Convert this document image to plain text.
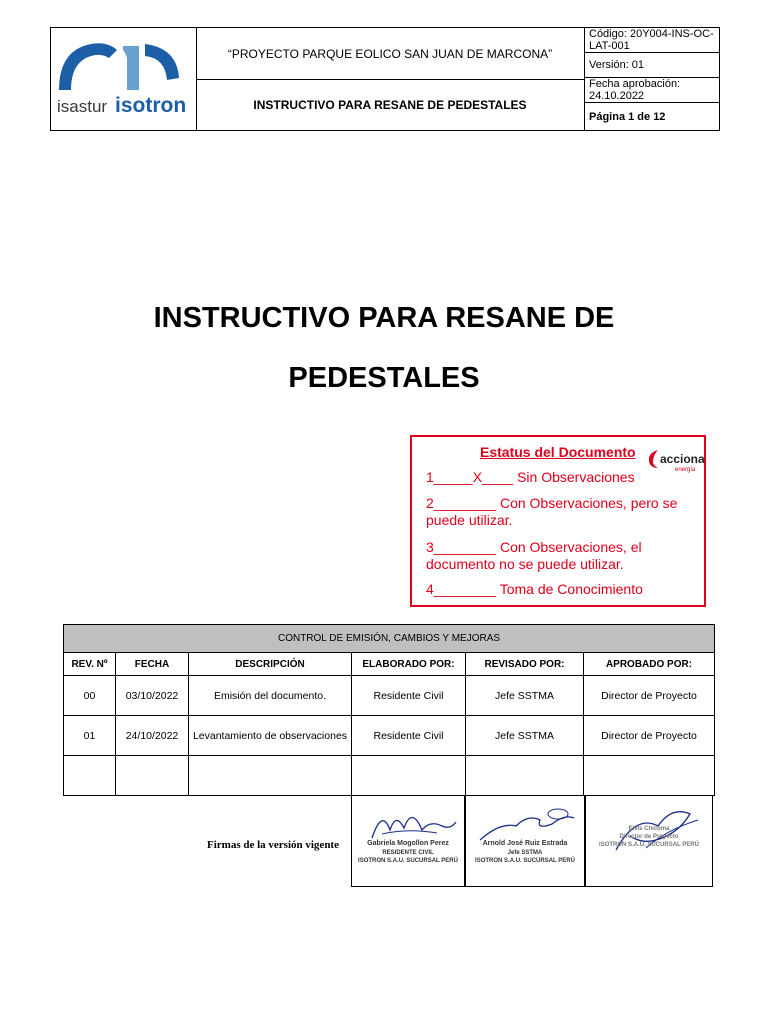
isastur isotron
“PROYECTO PARQUE EOLICO SAN JUAN DE MARCONA”
INSTRUCTIVO PARA RESANE DE PEDESTALES
Código: 20Y004-INS-OC-LAT-001
Versión: 01
Fecha aprobación: 24.10.2022
Página 1 de 12
INSTRUCTIVO PARA RESANE DE
PEDESTALES
Estatus del Documento acciona
energía
1_____X____ Sin Observaciones
2________ Con Observaciones, pero se puede utilizar.
3________ Con Observaciones, el documento no se puede utilizar.
4________ Toma de Conocimiento
CONTROL DE EMISIÓN, CAMBIOS Y MEJORAS					
REV. Nº	FECHA	DESCRIPCIÓN	ELABORADO POR:	REVISADO POR:	APROBADO POR:
00	03/10/2022	Emisión del documento.	Residente Civil	Jefe SSTMA	Director de Proyecto
01	24/10/2022	Levantamiento de observaciones	Residente Civil	Jefe SSTMA	Director de Proyecto

Firmas de la versión vigente	Gabriela Mogollon Perez
RESIDENTE CIVIL
ISOTRON S.A.U. SUCURSAL PERÚ
Arnold José Ruiz Estrada
Jefe SSTMA
ISOTRON S.A.U. SUCURSAL PERÚ
Elvis Chicoma
Director de Proyecto
ISOTRON S.A.U. SUCURSAL PERÚ
